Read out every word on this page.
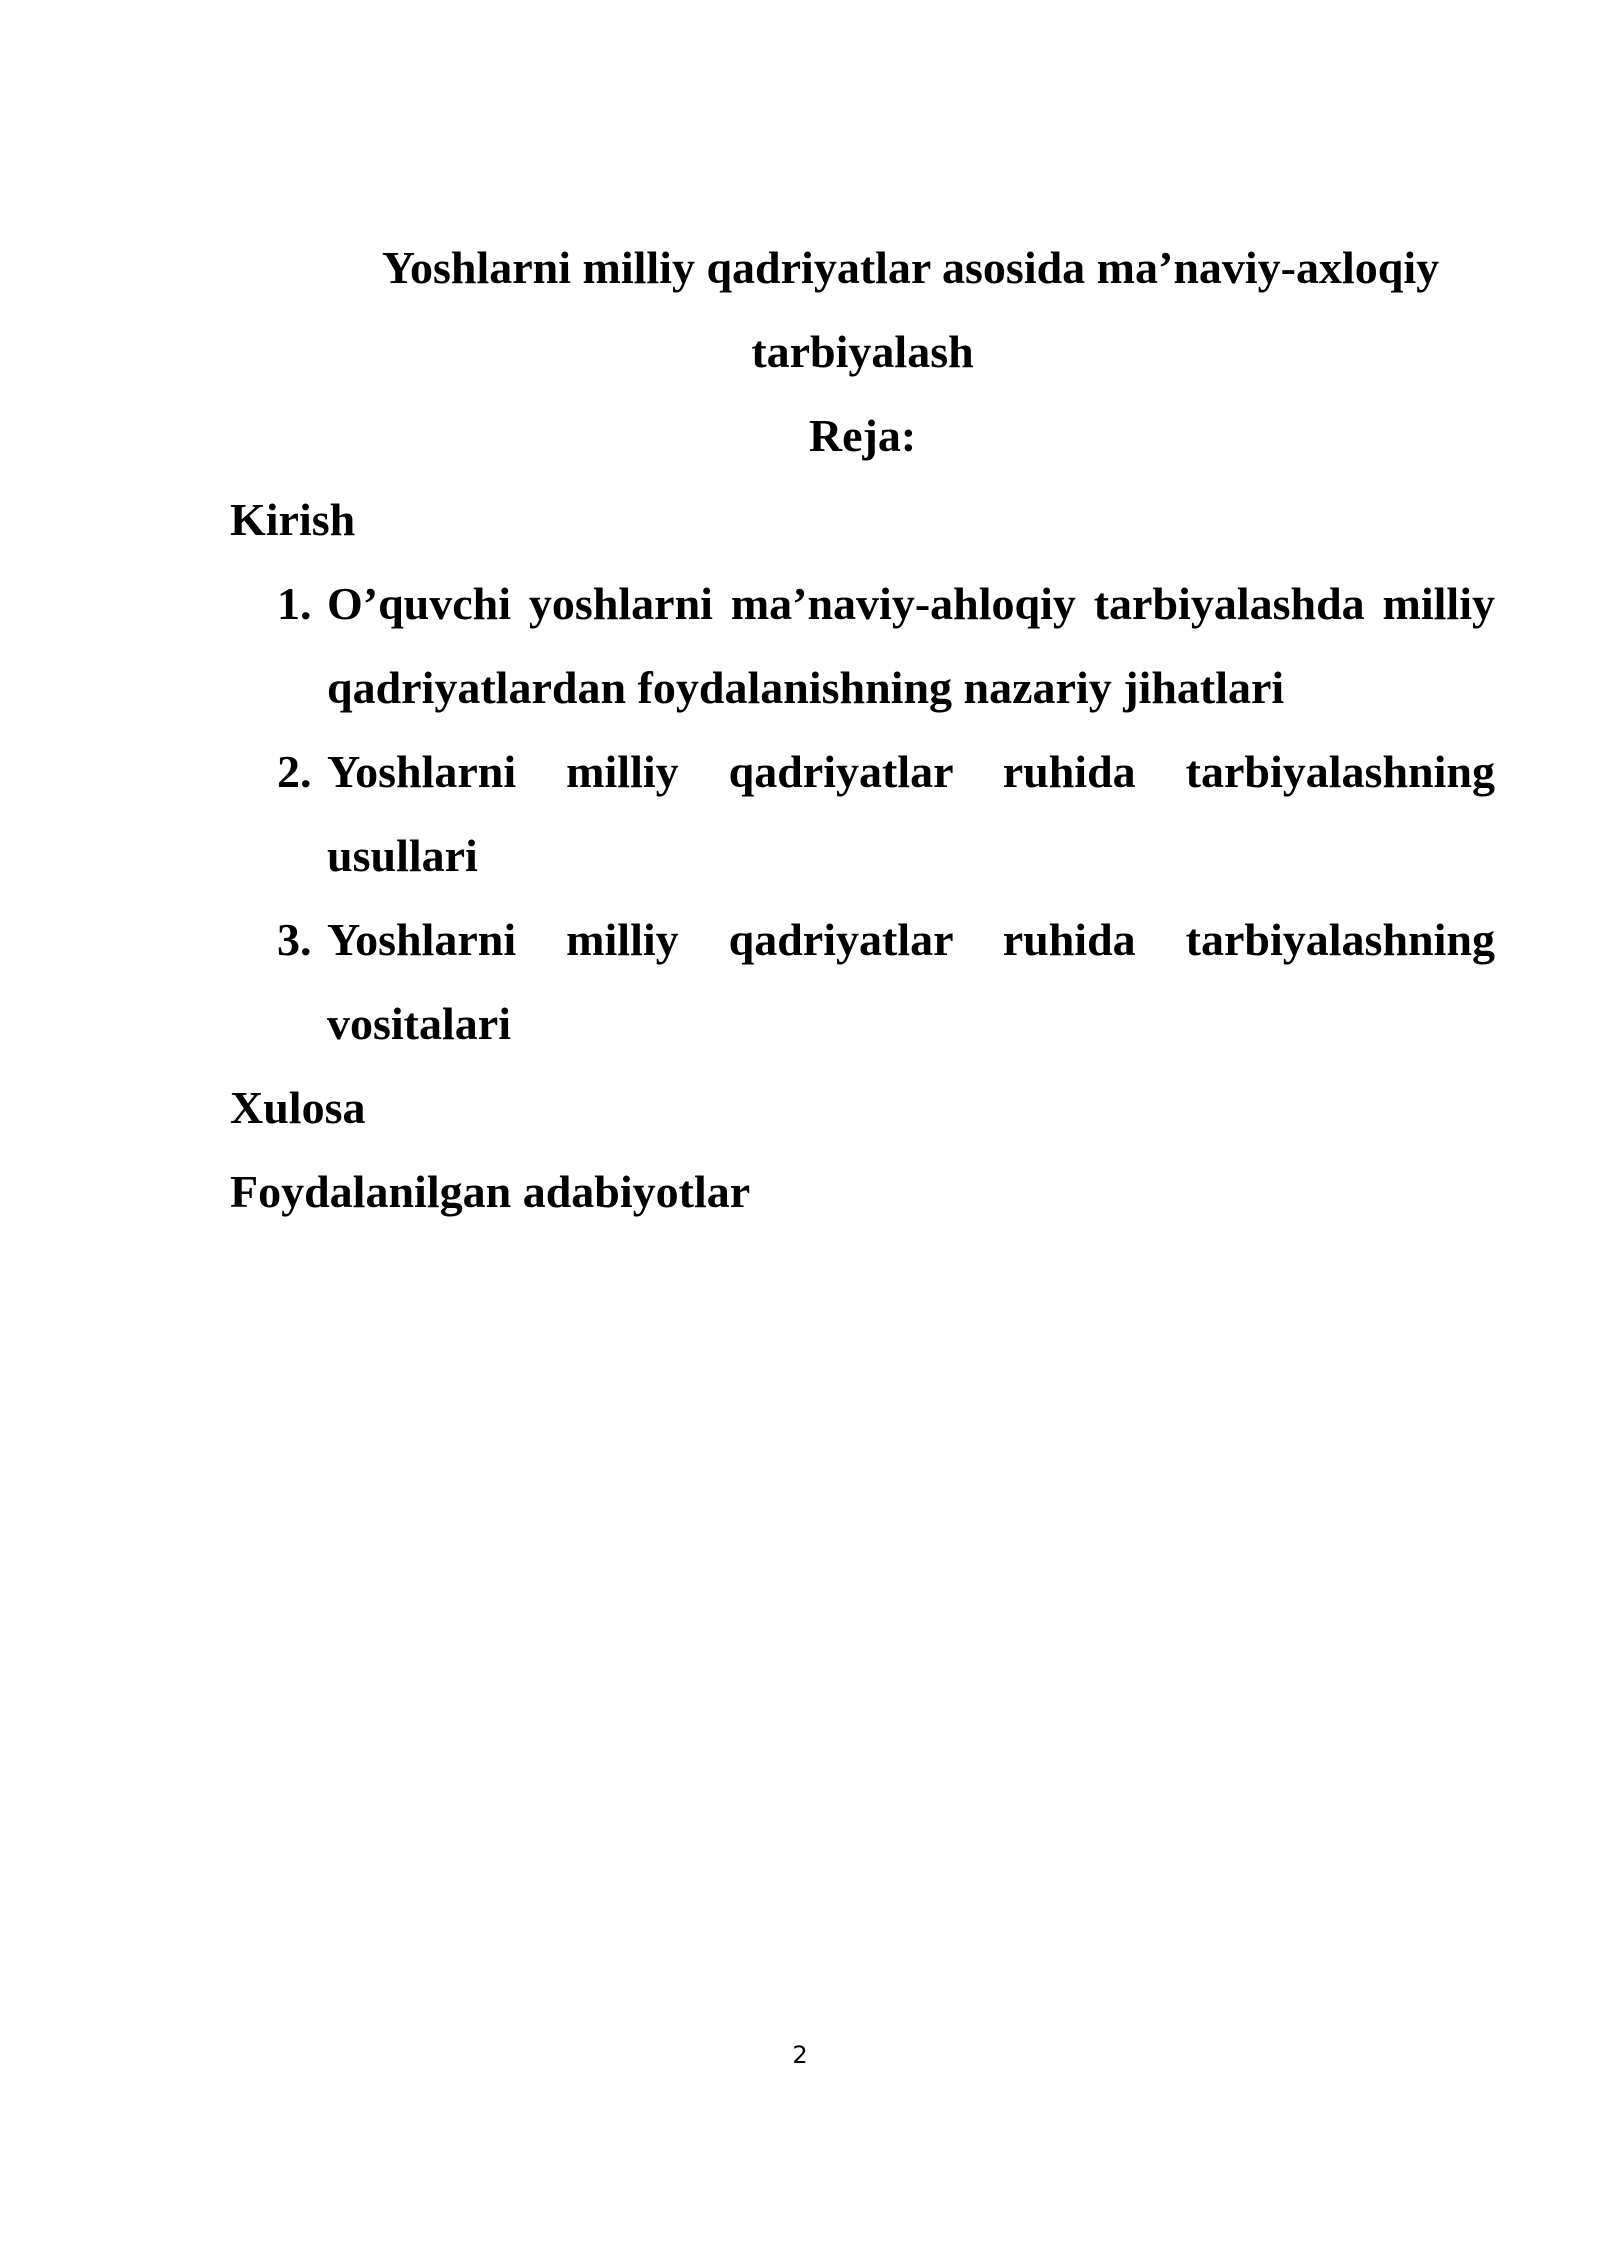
Yoshlarni milliy qadriyatlar asosida ma’naviy-axloqiy

tarbiyalash

Reja:

Kirish

1. O’quvchi yoshlarni ma’naviy-ahloqiy tarbiyalashda milliy qadriyatlardan foydalanishning nazariy jihatlari
2. Yoshlarni milliy qadriyatlar ruhida tarbiyalashning usullari
3. Yoshlarni milliy qadriyatlar ruhida tarbiyalashning vositalari

Xulosa

Foydalanilgan adabiyotlar

2
